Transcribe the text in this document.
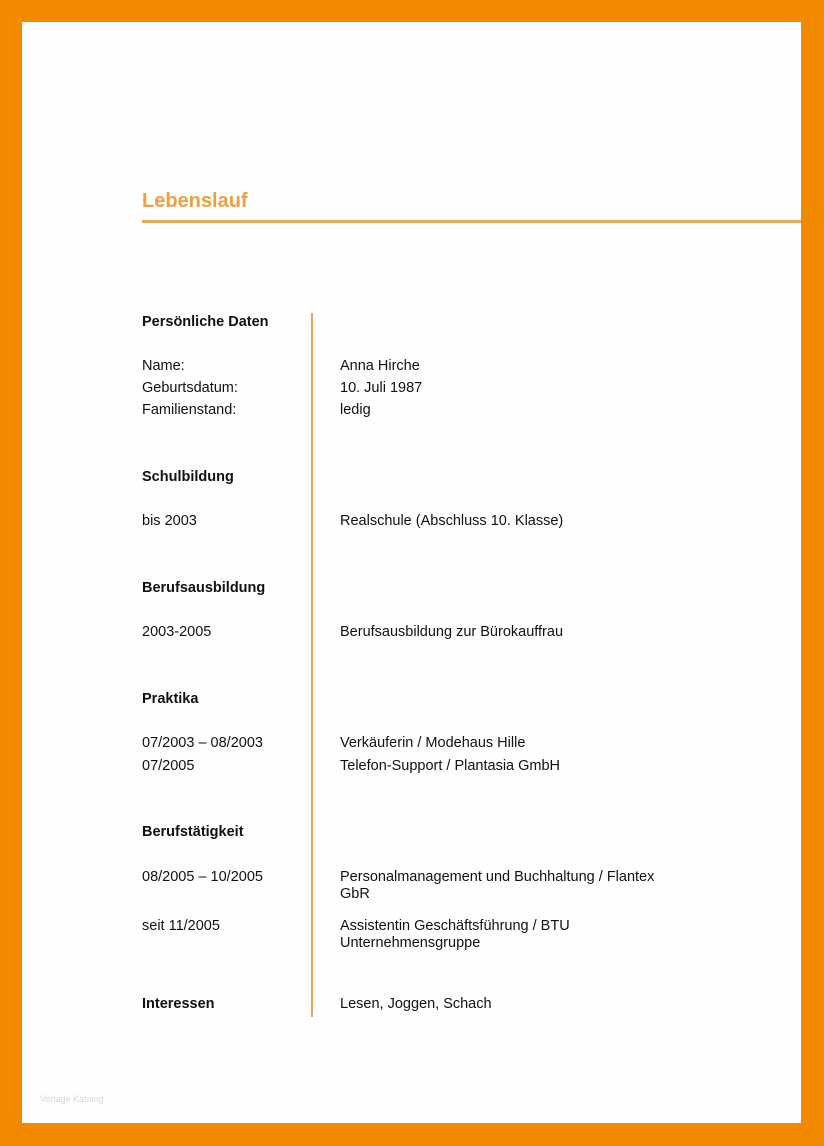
Lebenslauf
Persönliche Daten
Name:	Anna Hirche
Geburtsdatum:	10. Juli 1987
Familienstand:	ledig
Schulbildung
bis 2003	Realschule (Abschluss 10. Klasse)
Berufsausbildung
2003-2005	Berufsausbildung zur Bürokauffrau
Praktika
07/2003 – 08/2003	Verkäuferin / Modehaus Hille
07/2005	Telefon-Support / Plantasia GmbH
Berufstätigkeit
08/2005 – 10/2005	Personalmanagement und Buchhaltung / Flantex GbR
seit 11/2005	Assistentin Geschäftsführung / BTU Unternehmensgruppe
Interessen	Lesen, Joggen, Schach
Vorlage Katalog
